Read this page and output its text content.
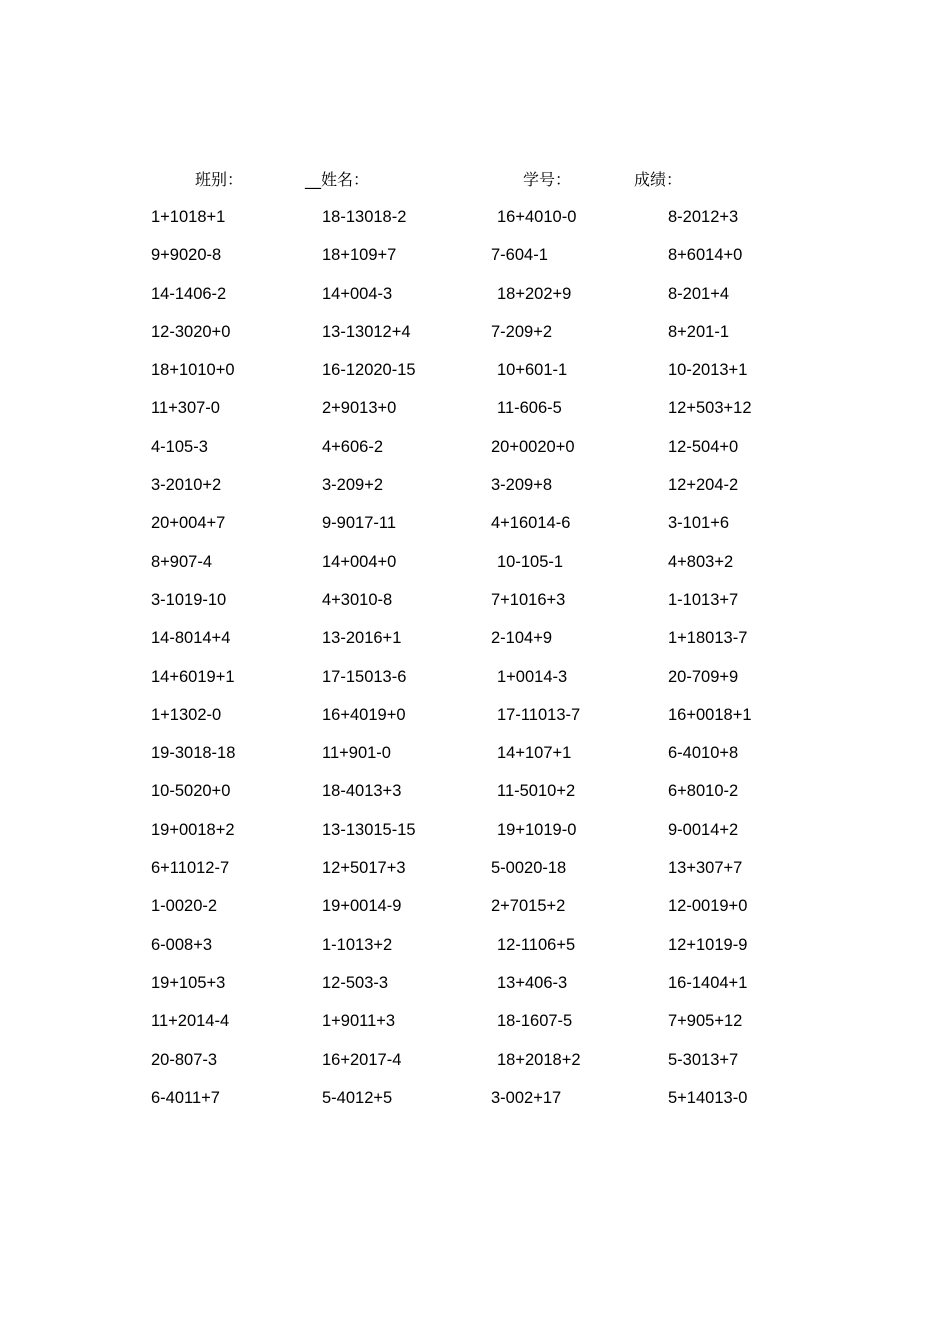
班别：	__姓名：	学号：	成绩：
1+1018+1	18-13018-2	16+4010-0	8-2012+3
9+9020-8	18+109+7	7-604-1	8+6014+0
14-1406-2	14+004-3	18+202+9	8-201+4
12-3020+0	13-13012+4	7-209+2	8+201-1
18+1010+0	16-12020-15	10+601-1	10-2013+1
11+307-0	2+9013+0	11-606-5	12+503+12
4-105-3	4+606-2	20+0020+0	12-504+0
3-2010+2	3-209+2	3-209+8	12+204-2
20+004+7	9-9017-11	4+16014-6	3-101+6
8+907-4	14+004+0	10-105-1	4+803+2
3-1019-10	4+3010-8	7+1016+3	1-1013+7
14-8014+4	13-2016+1	2-104+9	1+18013-7
14+6019+1	17-15013-6	1+0014-3	20-709+9
1+1302-0	16+4019+0	17-11013-7	16+0018+1
19-3018-18	11+901-0	14+107+1	6-4010+8
10-5020+0	18-4013+3	11-5010+2	6+8010-2
19+0018+2	13-13015-15	19+1019-0	9-0014+2
6+11012-7	12+5017+3	5-0020-18	13+307+7
1-0020-2	19+0014-9	2+7015+2	12-0019+0
6-008+3	1-1013+2	12-1106+5	12+1019-9
19+105+3	12-503-3	13+406-3	16-1404+1
11+2014-4	1+9011+3	18-1607-5	7+905+12
20-807-3	16+2017-4	18+2018+2	5-3013+7
6-4011+7	5-4012+5	3-002+17	5+14013-0
